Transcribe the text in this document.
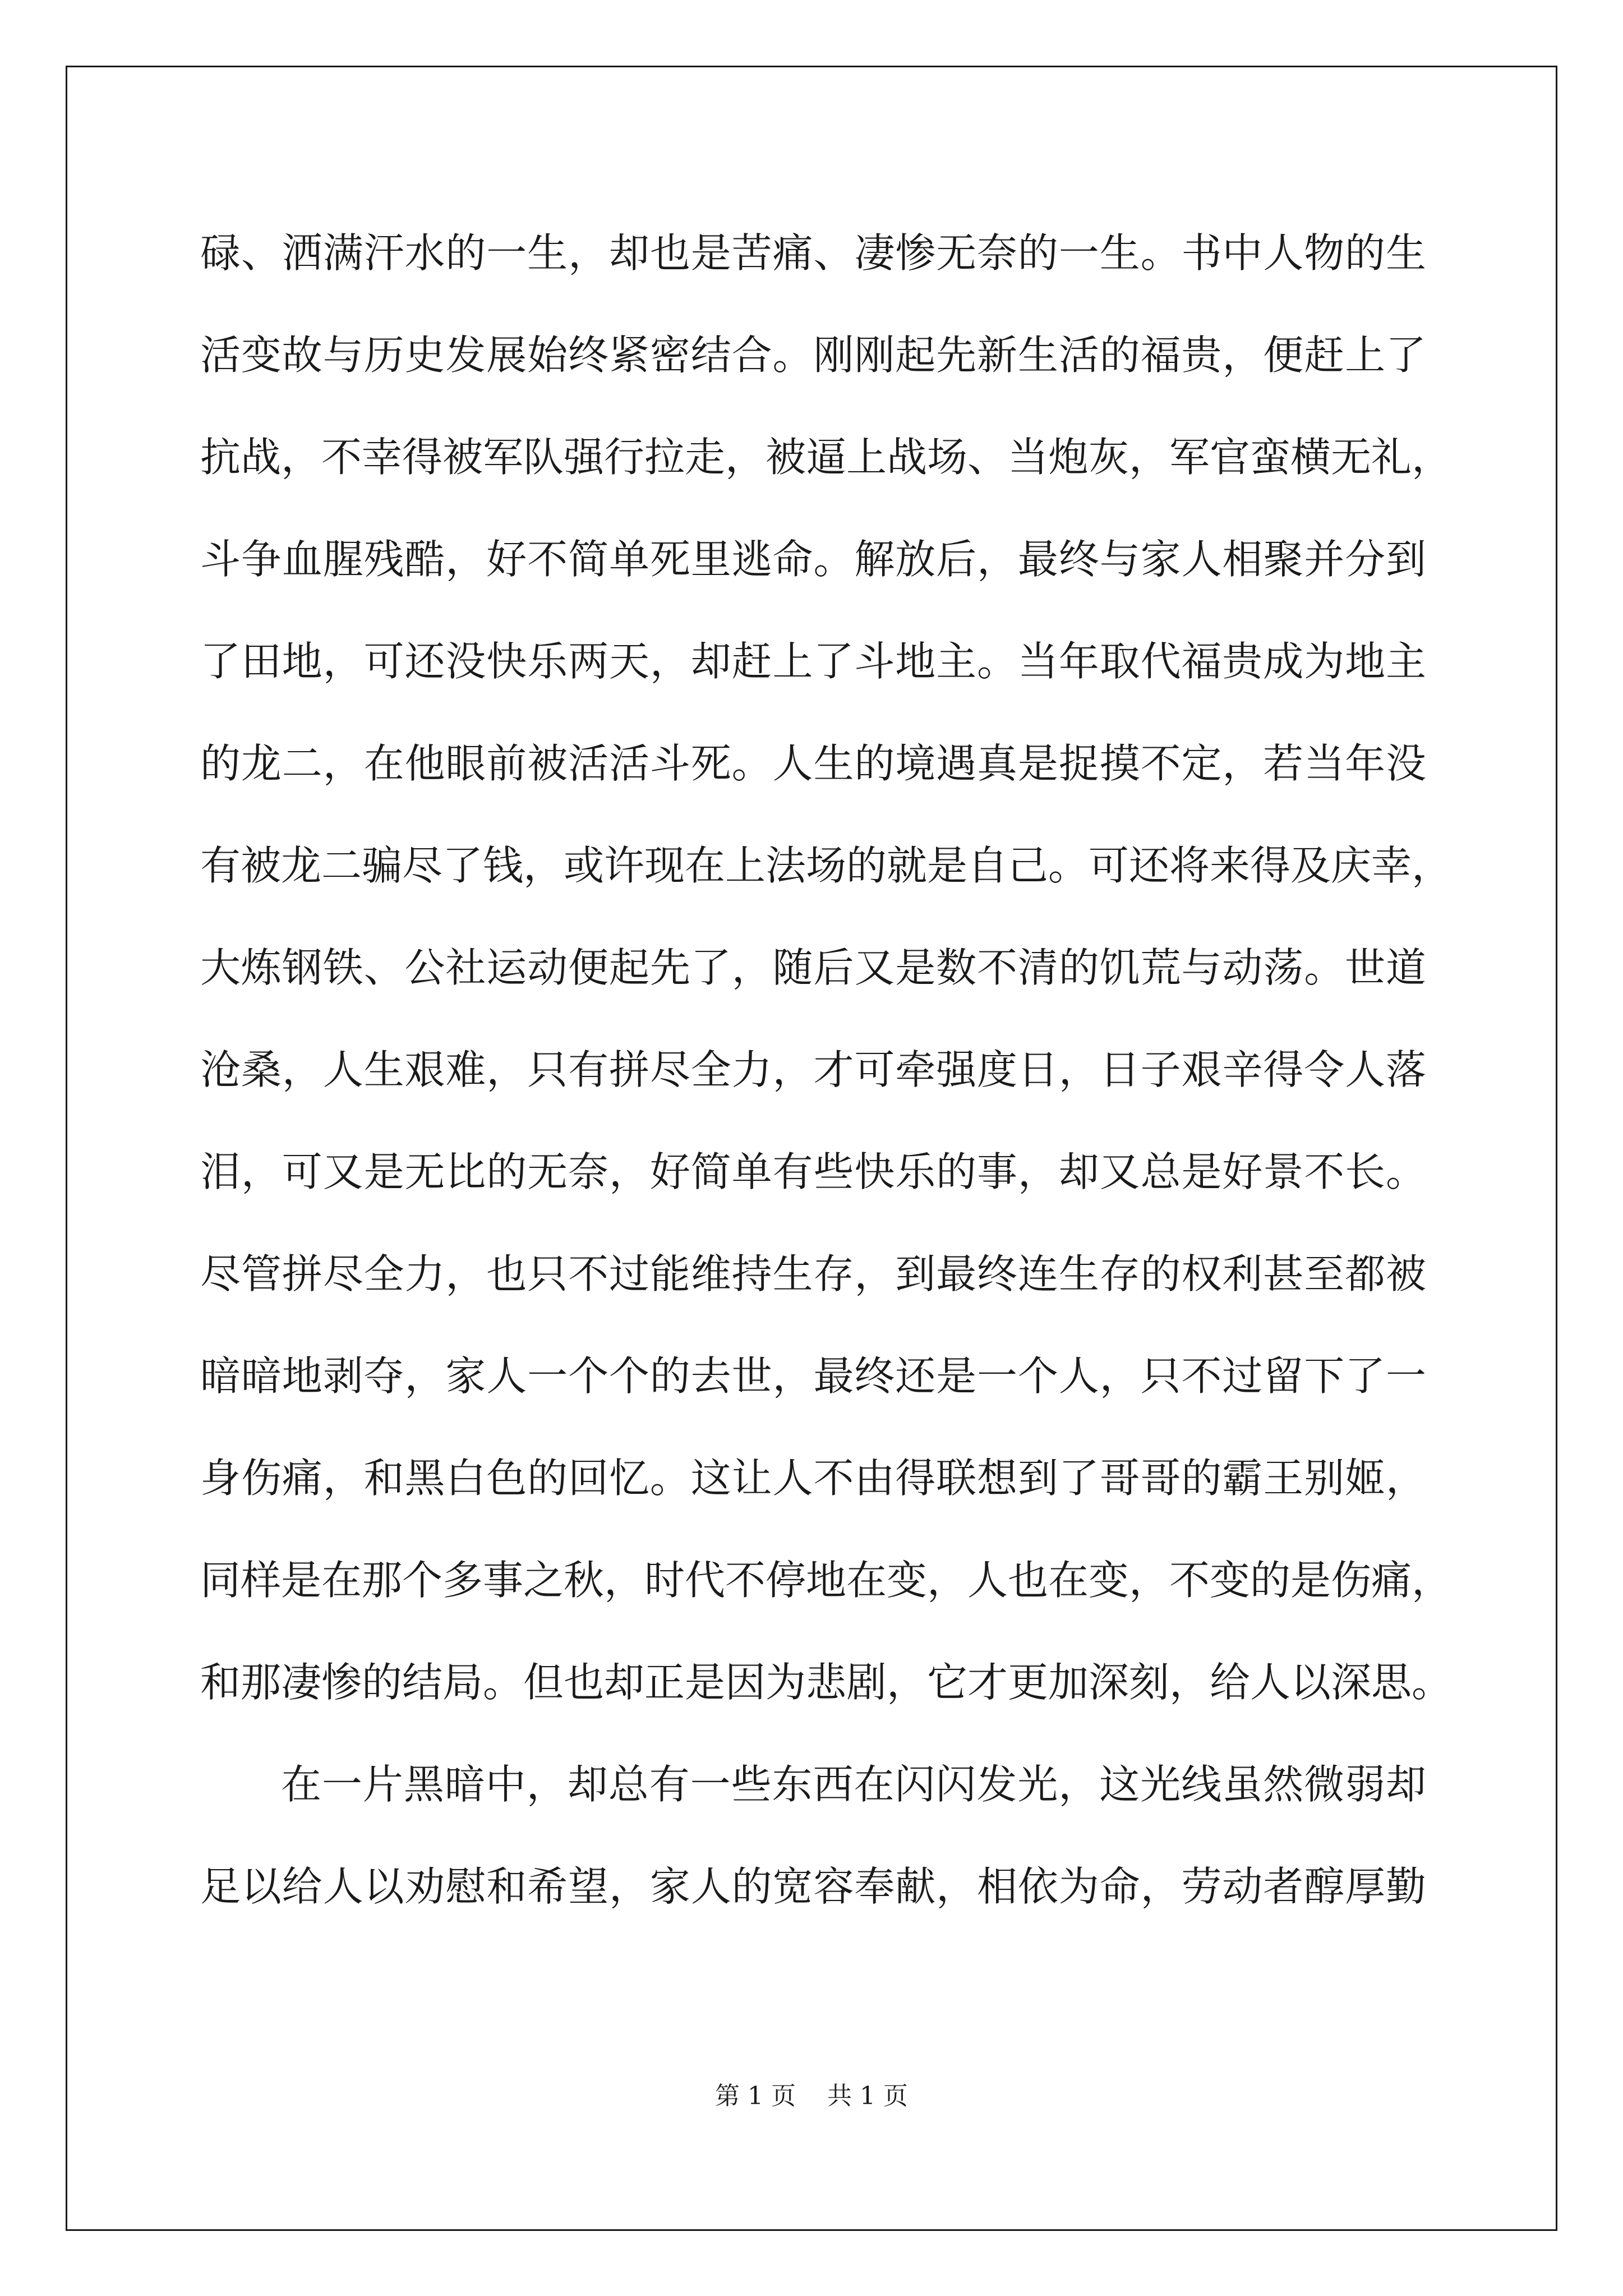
碌、洒满汗水的一生，却也是苦痛、凄惨无奈的一生。书中人物的生
活变故与历史发展始终紧密结合。刚刚起先新生活的福贵，便赶上了
抗战，不幸得被军队强行拉走，被逼上战场、当炮灰，军官蛮横无礼，
斗争血腥残酷，好不简单死里逃命。解放后，最终与家人相聚并分到
了田地，可还没快乐两天，却赶上了斗地主。当年取代福贵成为地主
的龙二，在他眼前被活活斗死。人生的境遇真是捉摸不定，若当年没
有被龙二骗尽了钱，或许现在上法场的就是自己。可还将来得及庆幸，
大炼钢铁、公社运动便起先了，随后又是数不清的饥荒与动荡。世道
沧桑，人生艰难，只有拼尽全力，才可牵强度日，日子艰辛得令人落
泪，可又是无比的无奈，好简单有些快乐的事，却又总是好景不长。
尽管拼尽全力，也只不过能维持生存，到最终连生存的权利甚至都被
暗暗地剥夺，家人一个个的去世，最终还是一个人，只不过留下了一
身伤痛，和黑白色的回忆。这让人不由得联想到了哥哥的霸王别姬，
同样是在那个多事之秋，时代不停地在变，人也在变，不变的是伤痛，
和那凄惨的结局。但也却正是因为悲剧，它才更加深刻，给人以深思。
在一片黑暗中，却总有一些东西在闪闪发光，这光线虽然微弱却
足以给人以劝慰和希望，家人的宽容奉献，相依为命，劳动者醇厚勤
第 1 页    共 1 页
